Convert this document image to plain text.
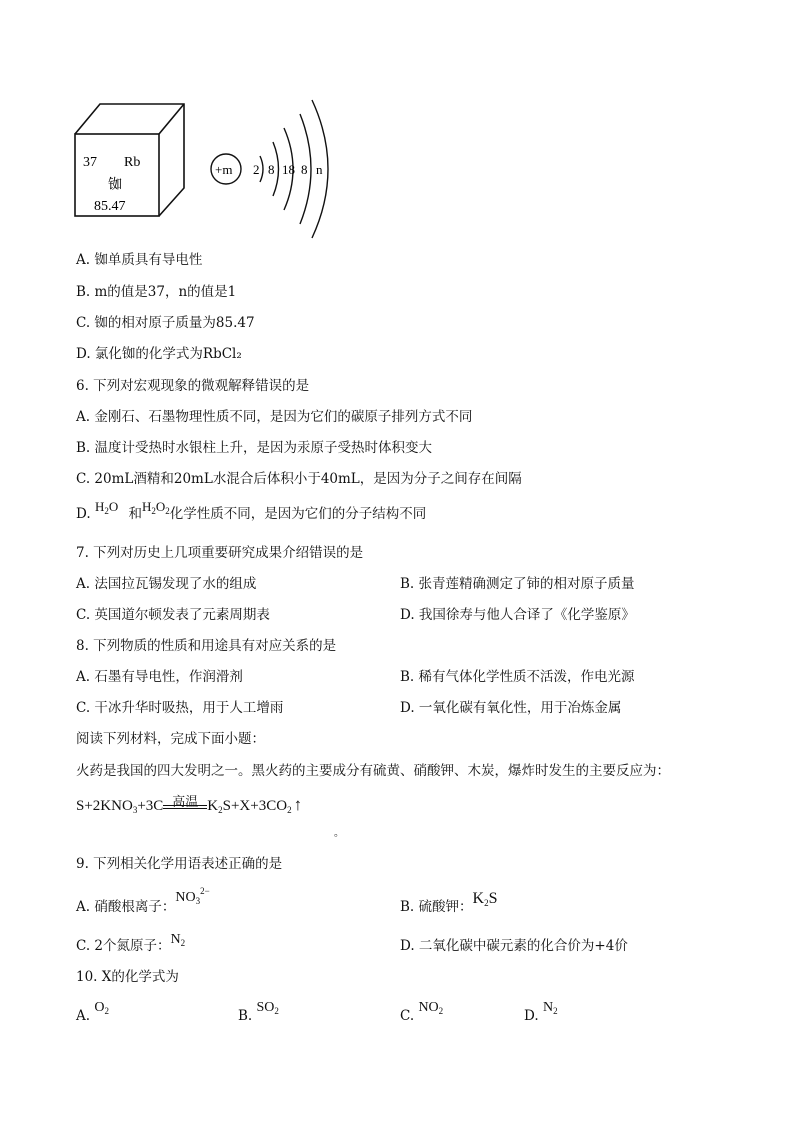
37 Rb
铷
85.47
+m 2 8 18 8 n
A. 铷单质具有导电性
B. m的值是37，n的值是1
C. 铷的相对原子质量为85.47
D. 氯化铷的化学式为RbCl₂
6. 下列对宏观现象的微观解释错误的是
A. 金刚石、石墨物理性质不同，是因为它们的碳原子排列方式不同
B. 温度计受热时水银柱上升，是因为汞原子受热时体积变大
C. 20mL酒精和20mL水混合后体积小于40mL，是因为分子之间存在间隔
D. $H_2O$ 和$H_2O_2$化学性质不同，是因为它们的分子结构不同
7. 下列对历史上几项重要研究成果介绍错误的是
A. 法国拉瓦锡发现了水的组成	B. 张青莲精确测定了铈的相对原子质量
C. 英国道尔顿发表了元素周期表	D. 我国徐寿与他人合译了《化学鉴原》
8. 下列物质的性质和用途具有对应关系的是
A. 石墨有导电性，作润滑剂	B. 稀有气体化学性质不活泼，作电光源
C. 干冰升华时吸热，用于人工增雨	D. 一氧化碳有氧化性，用于冶炼金属
阅读下列材料，完成下面小题：
火药是我国的四大发明之一。黑火药的主要成分有硫黄、硝酸钾、木炭，爆炸时发生的主要反应为：
$S+2KNO_3+3C$ 高温 $K_2S+X+3CO_2$ ↑
。
9. 下列相关化学用语表述正确的是
A. 硝酸根离子：$NO_3^{2-}$
B. 硫酸钾：$K_2S$
C. 2个氮原子：$N_2$	D. 二氧化碳中碳元素的化合价为+4价
10. X的化学式为
A. $O_2$	B. $SO_2$	C. $NO_2$	D. $N_2$
